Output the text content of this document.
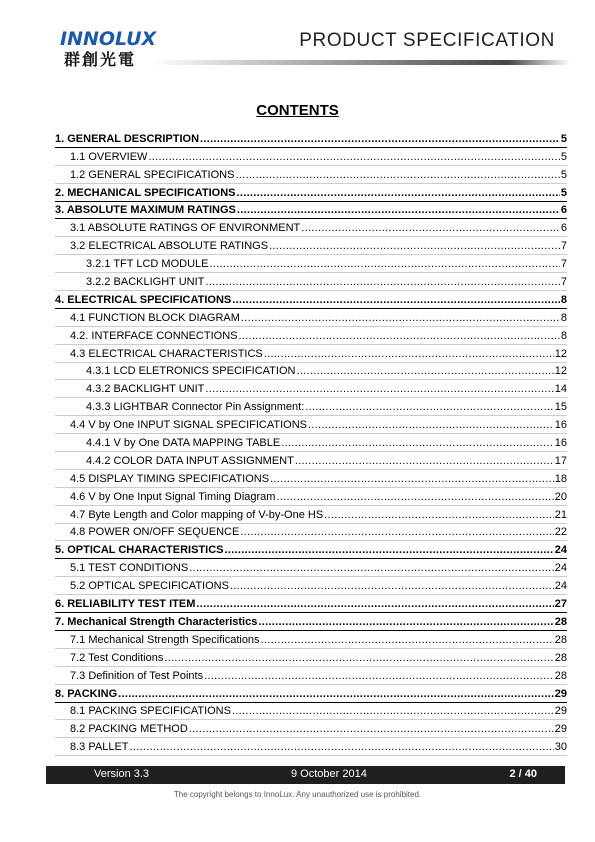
INNOLUX
群創光電
PRODUCT SPECIFICATION
CONTENTS
1. GENERAL DESCRIPTION .....	5
1.1 OVERVIEW .....	5
1.2 GENERAL SPECIFICATIONS .....	5
2. MECHANICAL SPECIFICATIONS .....	5
3. ABSOLUTE MAXIMUM RATINGS .....	6
3.1 ABSOLUTE RATINGS OF ENVIRONMENT .....	6
3.2 ELECTRICAL ABSOLUTE RATINGS .....	7
3.2.1 TFT LCD MODULE .....	7
3.2.2 BACKLIGHT UNIT .....	7
4. ELECTRICAL SPECIFICATIONS .....	8
4.1 FUNCTION BLOCK DIAGRAM .....	8
4.2. INTERFACE CONNECTIONS .....	8
4.3 ELECTRICAL CHARACTERISTICS .....	12
4.3.1 LCD ELETRONICS SPECIFICATION .....	12
4.3.2 BACKLIGHT UNIT .....	14
4.3.3 LIGHTBAR Connector Pin Assignment: .....	15
4.4 V by One INPUT SIGNAL SPECIFICATIONS .....	16
4.4.1 V by One DATA MAPPING TABLE .....	16
4.4.2 COLOR DATA INPUT ASSIGNMENT .....	17
4.5 DISPLAY TIMING SPECIFICATIONS .....	18
4.6 V by One Input Signal Timing Diagram .....	20
4.7 Byte Length and Color mapping of V-by-One HS .....	21
4.8 POWER ON/OFF SEQUENCE .....	22
5. OPTICAL CHARACTERISTICS .....	24
5.1 TEST CONDITIONS .....	24
5.2 OPTICAL SPECIFICATIONS .....	24
6. RELIABILITY TEST ITEM .....	27
7. Mechanical Strength Characteristics .....	28
7.1 Mechanical Strength Specifications .....	28
7.2 Test Conditions .....	28
7.3 Definition of Test Points .....	28
8. PACKING .....	29
8.1 PACKING SPECIFICATIONS .....	29
8.2 PACKING METHOD .....	29
8.3 PALLET .....	30
Version 3.3	9 October 2014	2 / 40
The copyright belongs to InnoLux. Any unauthorized use is prohibited.
